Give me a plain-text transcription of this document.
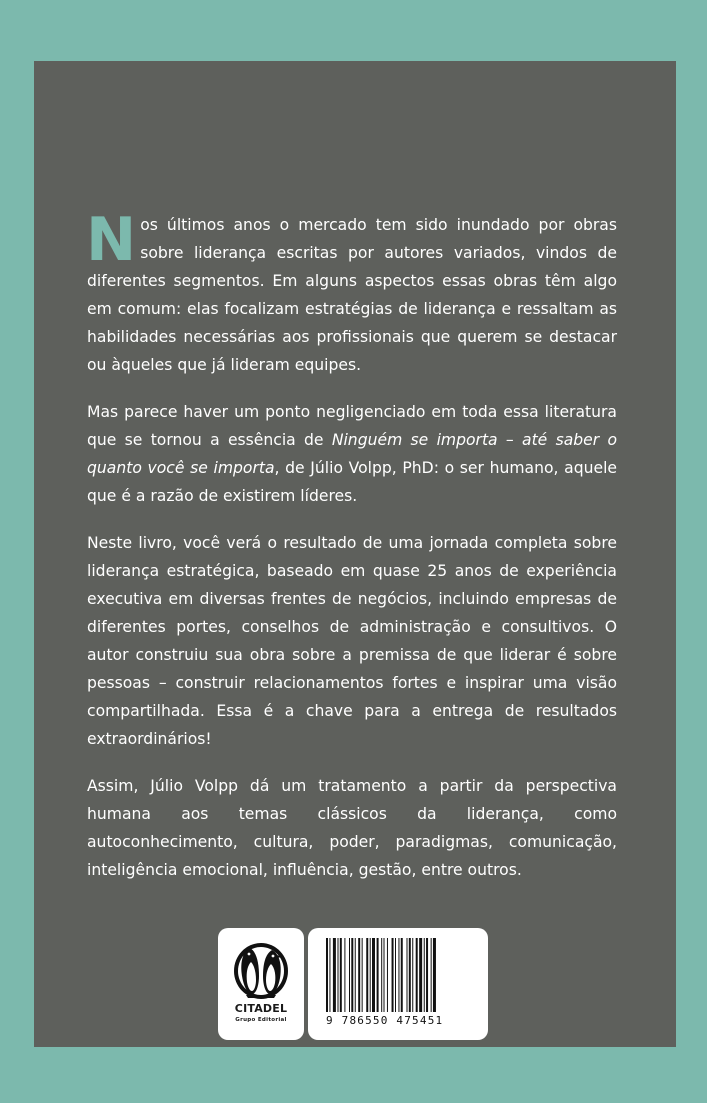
Nos últimos anos o mercado tem sido inundado por obras sobre liderança escritas por autores variados, vindos de diferentes segmentos. Em alguns aspectos essas obras têm algo em comum: elas focalizam estratégias de liderança e ressaltam as habilidades necessárias aos profissionais que querem se destacar ou àqueles que já lideram equipes.

Mas parece haver um ponto negligenciado em toda essa literatura que se tornou a essência de Ninguém se importa – até saber o quanto você se importa, de Júlio Volpp, PhD: o ser humano, aquele que é a razão de existirem líderes.

Neste livro, você verá o resultado de uma jornada completa sobre liderança estratégica, baseado em quase 25 anos de experiência executiva em diversas frentes de negócios, incluindo empresas de diferentes portes, conselhos de administração e consultivos. O autor construiu sua obra sobre a premissa de que liderar é sobre pessoas – construir relacionamentos fortes e inspirar uma visão compartilhada. Essa é a chave para a entrega de resultados extraordinários!

Assim, Júlio Volpp dá um tratamento a partir da perspectiva humana aos temas clássicos da liderança, como autoconhecimento, cultura, poder, paradigmas, comunicação, inteligência emocional, influência, gestão, entre outros.

CITADEL
Grupo Editorial	9 786550 475451
